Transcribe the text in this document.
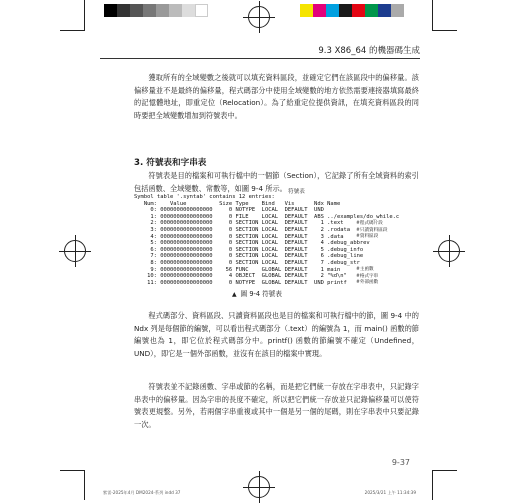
9.3 X86_64 的機器碼生成

獲取所有的全域變數之後就可以填充資料區段，並確定它們在該區段中的偏移量。該偏移量並不是最終的偏移量，程式碼部分中使用全域變數的地方依然需要連接器填寫最終的記憶體地址，即重定位（Relocation）。為了給重定位提供資訊，在填充資料區段的同時要把全域變數增加到符號表中。

3. 符號表和字串表

符號表是目的檔案和可執行檔中的一個節（Section），它記錄了所有全域資料的索引包括函數、全域變數、常數等，如圖 9-4 所示。

Symbol table '.syntab' contains 12 entries:
Num:    Value          Size Type    Bind   Vis      Ndx Name
0: 0000000000000000     0 NOTYPE  LOCAL  DEFAULT  UND
1: 0000000000000000     0 FILE    LOCAL  DEFAULT  ABS ../examples/do_while.c
2: 0000000000000000     0 SECTION LOCAL  DEFAULT    1 .text
3: 0000000000000000     0 SECTION LOCAL  DEFAULT    2 .rodata
4: 0000000000000000     0 SECTION LOCAL  DEFAULT    3 .data
5: 0000000000000000     0 SECTION LOCAL  DEFAULT    4 .debug_abbrev
6: 0000000000000000     0 SECTION LOCAL  DEFAULT    5 .debug_info
7: 0000000000000000     0 SECTION LOCAL  DEFAULT    6 .debug_line
8: 0000000000000000     0 SECTION LOCAL  DEFAULT    7 .debug_str
9: 0000000000000000    56 FUNC    GLOBAL DEFAULT    1 main
10: 0000000000000000     4 OBJECT  GLOBAL DEFAULT    2 "%d\n"
11: 0000000000000000     0 NOTYPE  GLOBAL DEFAULT  UND printf
符號表
#程式碼片段
#只讀資料區段
#資料區段
#主函數
#格式字串
#外部函數
▲ 圖 9-4 符號表

程式碼部分、資料區段、只讀資料區段也是目的檔案和可執行檔中的節，圖 9-4 中的 Ndx 列是每個節的編號，可以看出程式碼部分（.text）的編號為 1，而 main() 函數的節編號也為 1，即它位於程式碼部分中。printf() 函數的節編號不確定（Undefined，UND），即它是一個外部函數，並沒有在該目的檔案中實現。

符號表並不記錄函數、字串或節的名稱，而是把它們統一存放在字串表中，只記錄字串表中的偏移量。因為字串的長度不確定，所以把它們統一存放並只記錄偏移量可以使符號表更規整。另外，若兩個字串重複或其中一個是另一個的尾碼，則在字串表中只要記錄一次。

9-37
紫雷-2025年4月 DM2024-系列 indd 37	2025/3/21 上午 11:34:39
